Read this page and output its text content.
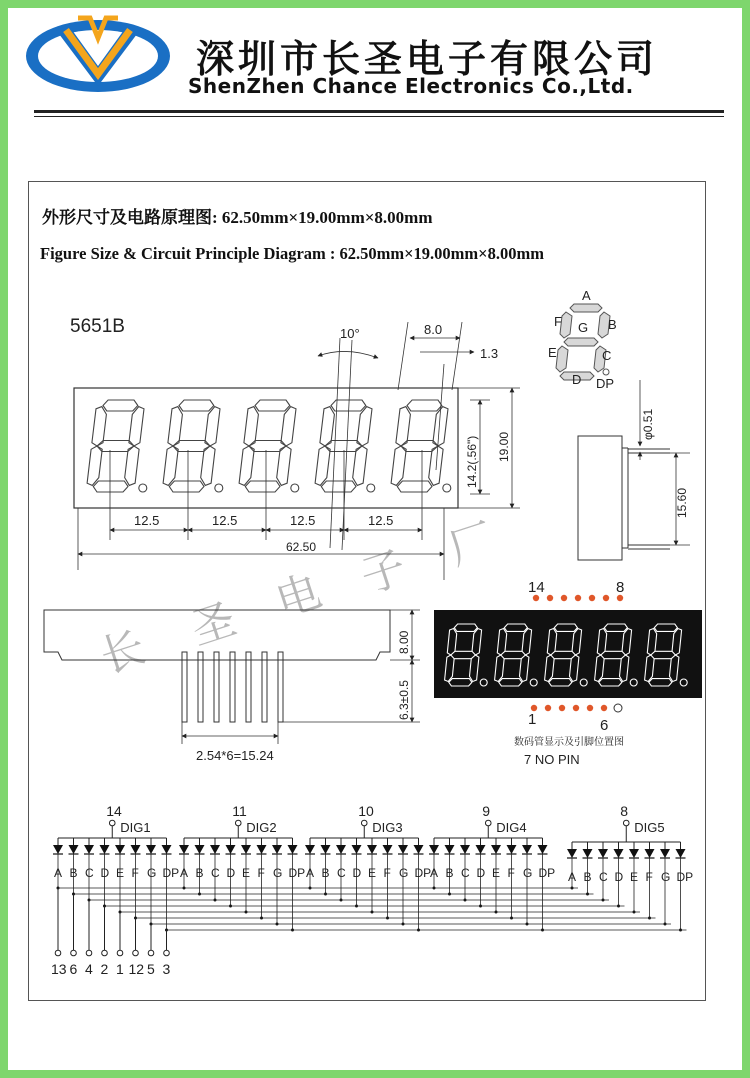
深圳市长圣电子有限公司
ShenZhen Chance Electronics Co.,Ltd.
外形尺寸及电路原理图: 62.50mm×19.00mm×8.00mm
Figure Size & Circuit Principle Diagram : 62.50mm×19.00mm×8.00mm
长 圣 电 子 厂
5651B	10°	8.0
1.3
14.2(.56") 19.00
12.5	12.5	12.5	12.5
62.50
A
F G B
E	C
D DP
φ0.51
15.60
8.00
6.3±0.5
2.54*6=15.24
14	8
1	6
数码管显示及引脚位置图
7 NO PIN
14
DIG1
A B C D E F G DP
11
DIG2
A B C D E F G DP
10
DIG3
A B C D E F G DP
9
DIG4
A B C D E F G DP
8
DIG5
A B C D E F G DP
13 6 4 2 1 12 5 3
